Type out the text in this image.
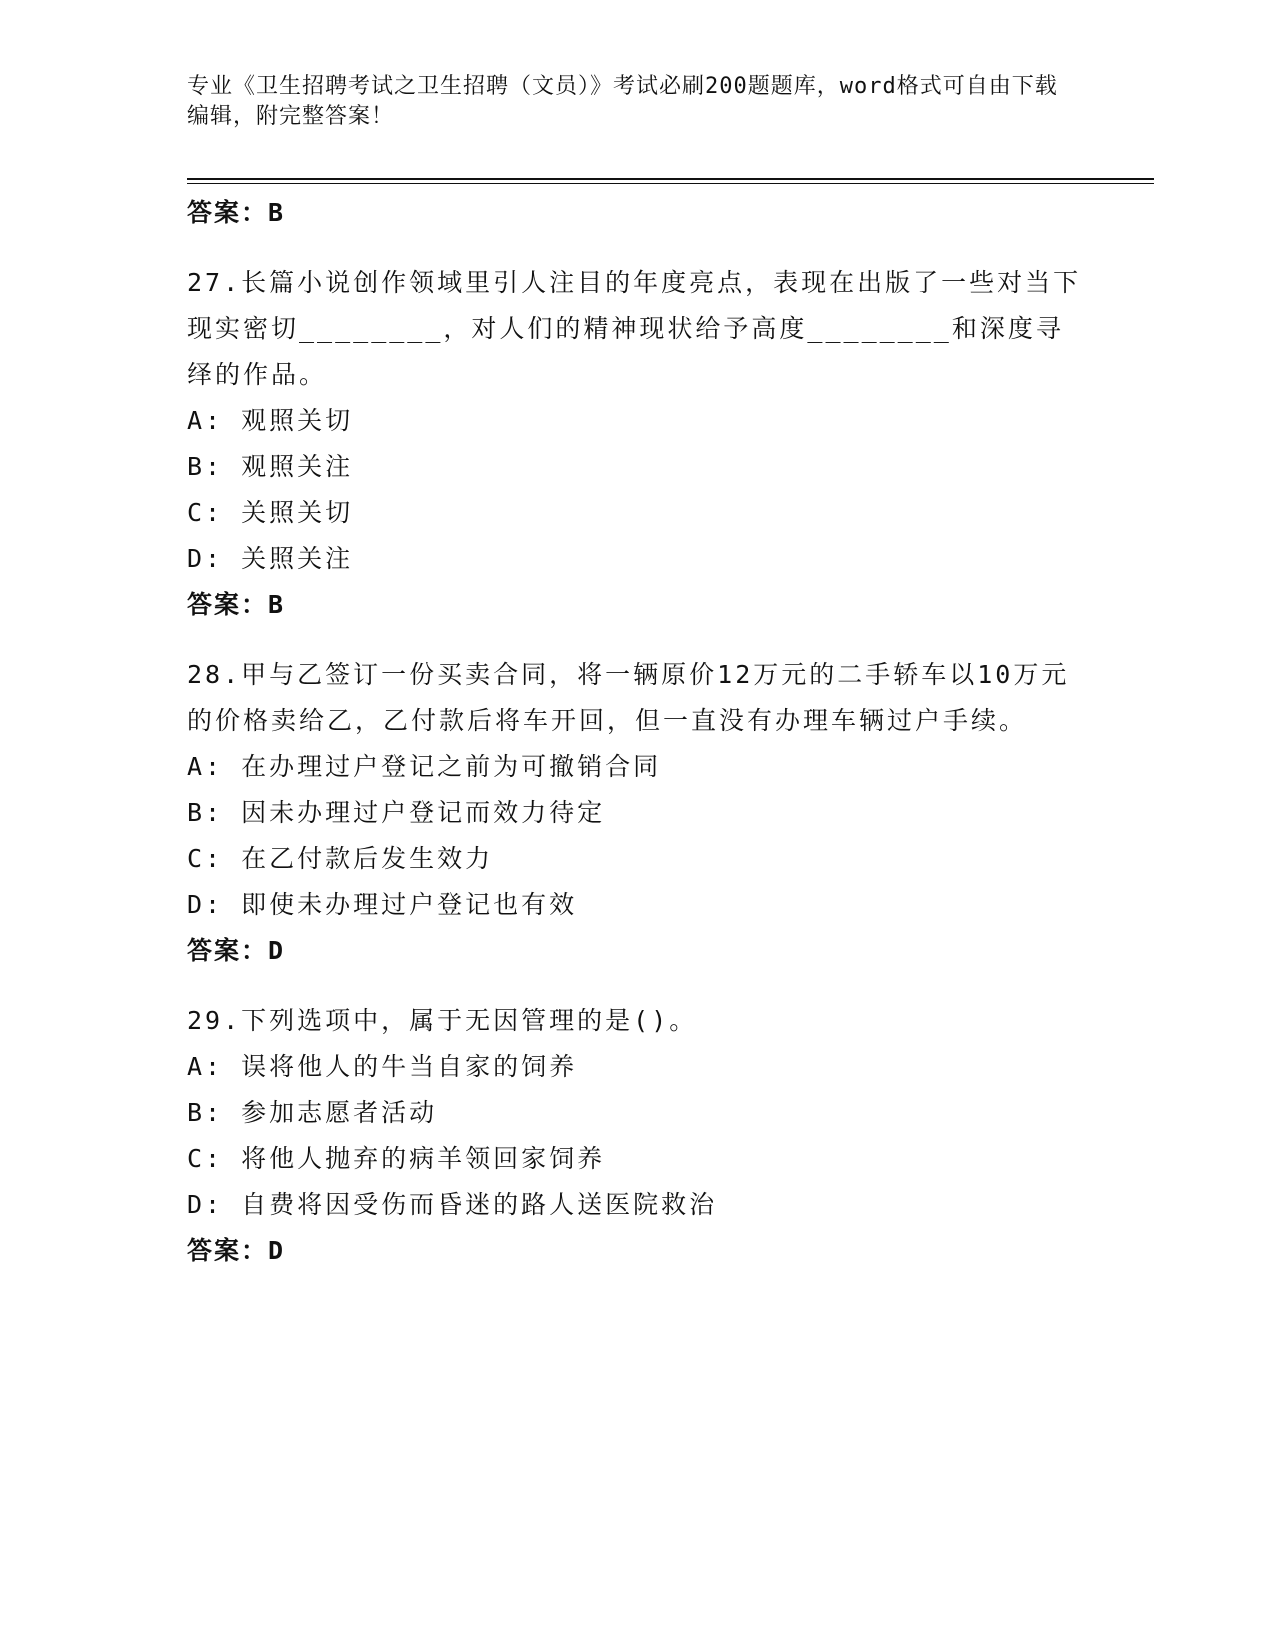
专业《卫生招聘考试之卫生招聘（文员）》考试必刷200题题库，word格式可自由下载编辑，附完整答案！
答案：B

27.长篇小说创作领域里引人注目的年度亮点，表现在出版了一些对当下现实密切________，对人们的精神现状给予高度________和深度寻绎的作品。

A: 观照关切

B: 观照关注

C: 关照关切

D: 关照关注

答案：B

28.甲与乙签订一份买卖合同，将一辆原价12万元的二手轿车以10万元的价格卖给乙，乙付款后将车开回，但一直没有办理车辆过户手续。

A: 在办理过户登记之前为可撤销合同

B: 因未办理过户登记而效力待定

C: 在乙付款后发生效力

D: 即使未办理过户登记也有效

答案：D

29.下列选项中，属于无因管理的是()。

A: 误将他人的牛当自家的饲养

B: 参加志愿者活动

C: 将他人抛弃的病羊领回家饲养

D: 自费将因受伤而昏迷的路人送医院救治

答案：D
